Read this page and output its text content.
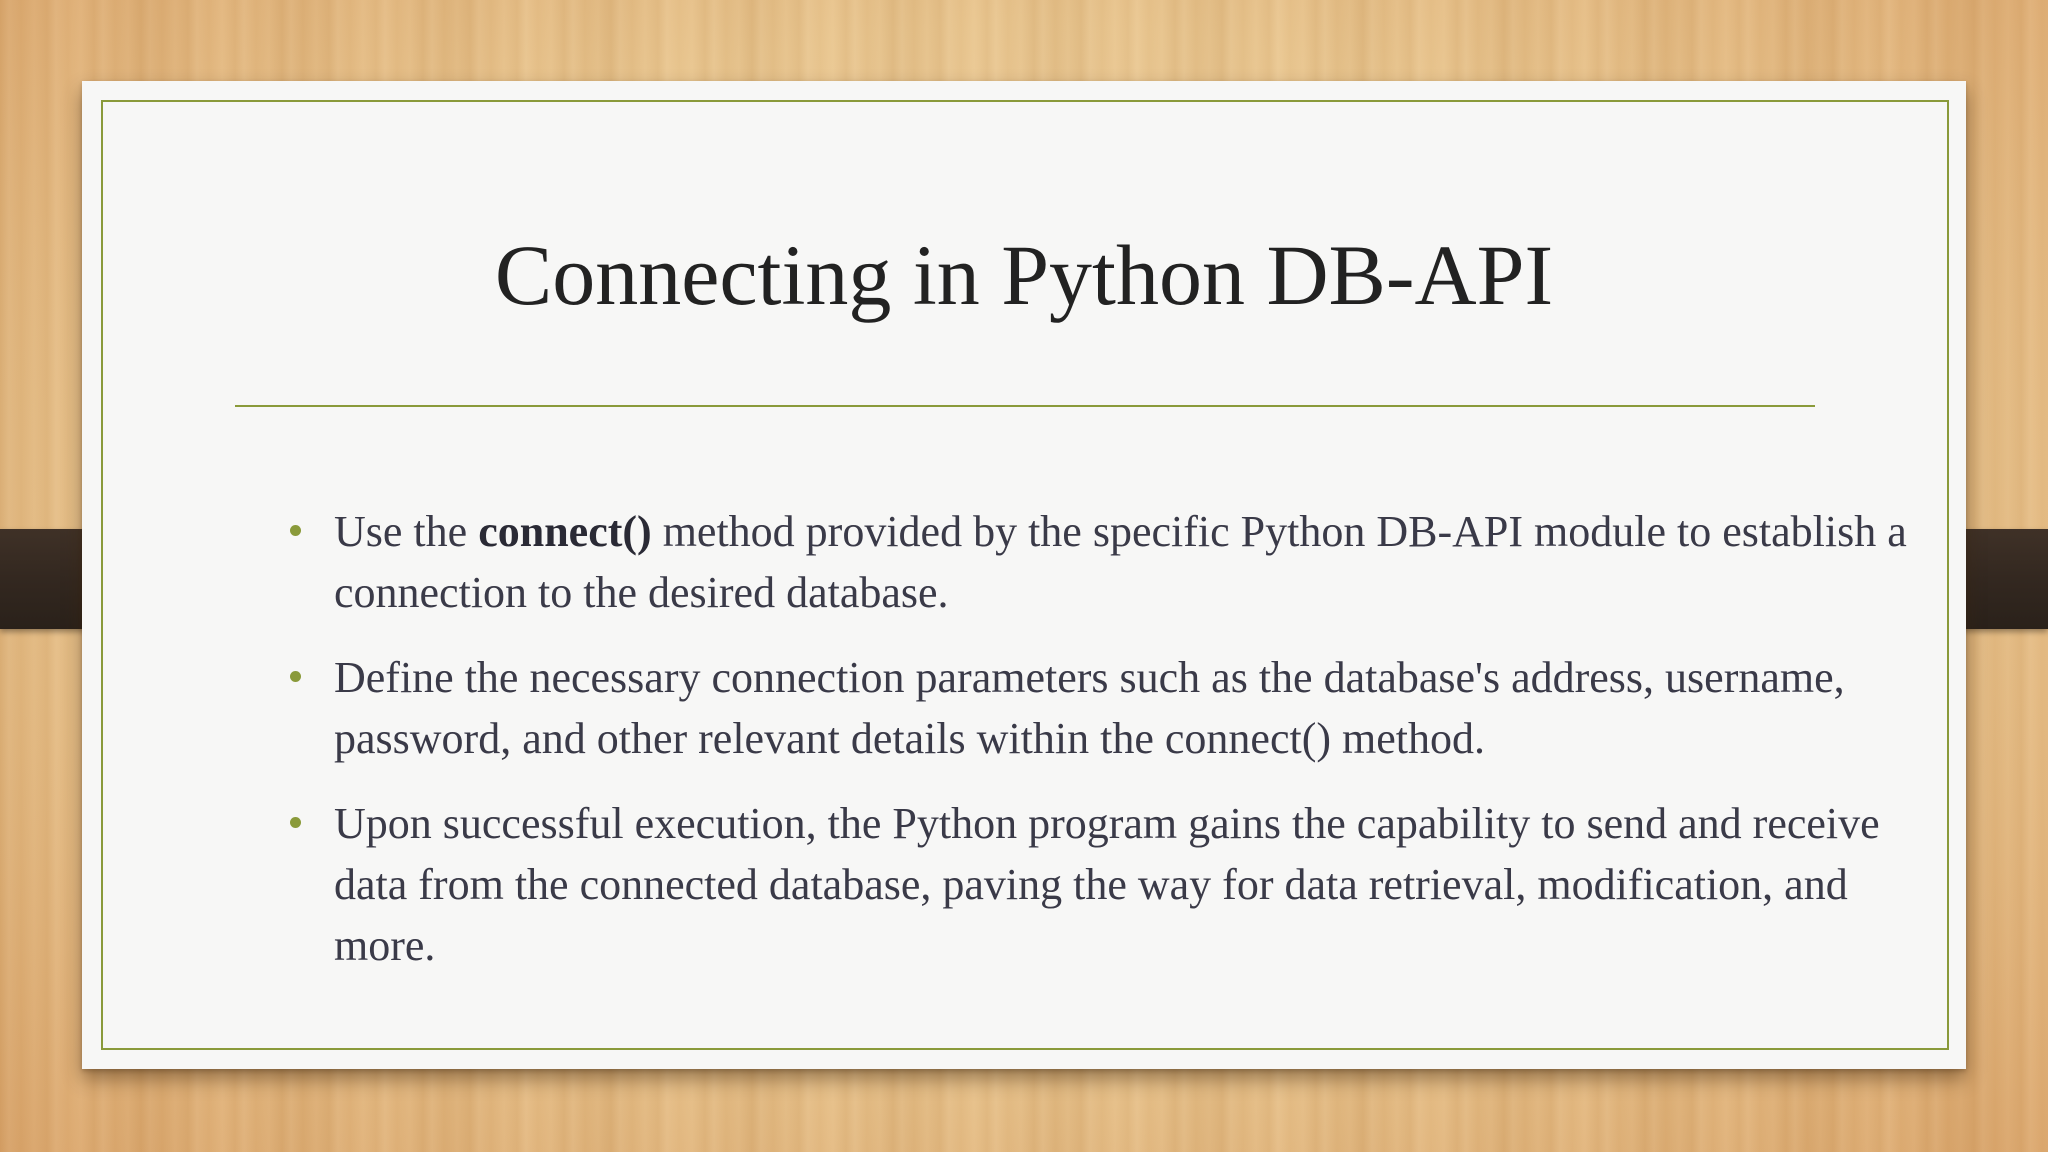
Connecting in Python DB-API
Use the connect() method provided by the specific Python DB-API module to establish a connection to the desired database.
Define the necessary connection parameters such as the database's address, username, password, and other relevant details within the connect() method.
Upon successful execution, the Python program gains the capability to send and receive data from the connected database, paving the way for data retrieval, modification, and more.
